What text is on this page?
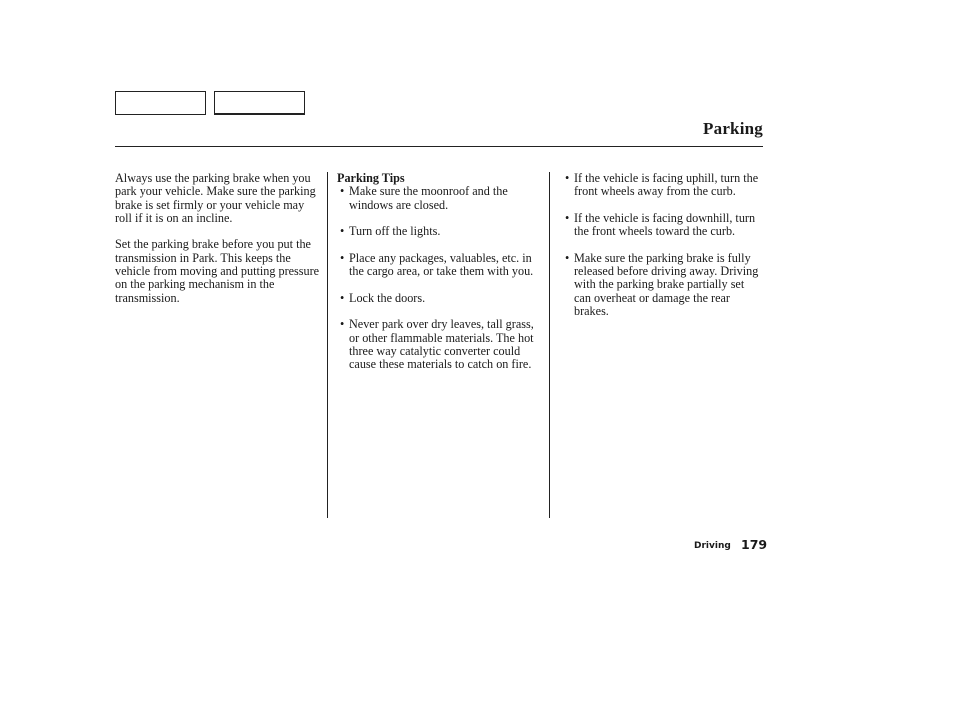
Parking

Always use the parking brake when you park your vehicle. Make sure the parking brake is set firmly or your vehicle may roll if it is on an incline.

Set the parking brake before you put the transmission in Park. This keeps the vehicle from moving and putting pressure on the parking mechanism in the transmission.

Parking Tips

• Make sure the moonroof and the windows are closed.
• Turn off the lights.
• Place any packages, valuables, etc. in the cargo area, or take them with you.
• Lock the doors.
• Never park over dry leaves, tall grass, or other flammable materials. The hot three way catalytic converter could cause these materials to catch on fire.
• If the vehicle is facing uphill, turn the front wheels away from the curb.
• If the vehicle is facing downhill, turn the front wheels toward the curb.
• Make sure the parking brake is fully released before driving away. Driving with the parking brake partially set can overheat or damage the rear brakes.
Driving 179
